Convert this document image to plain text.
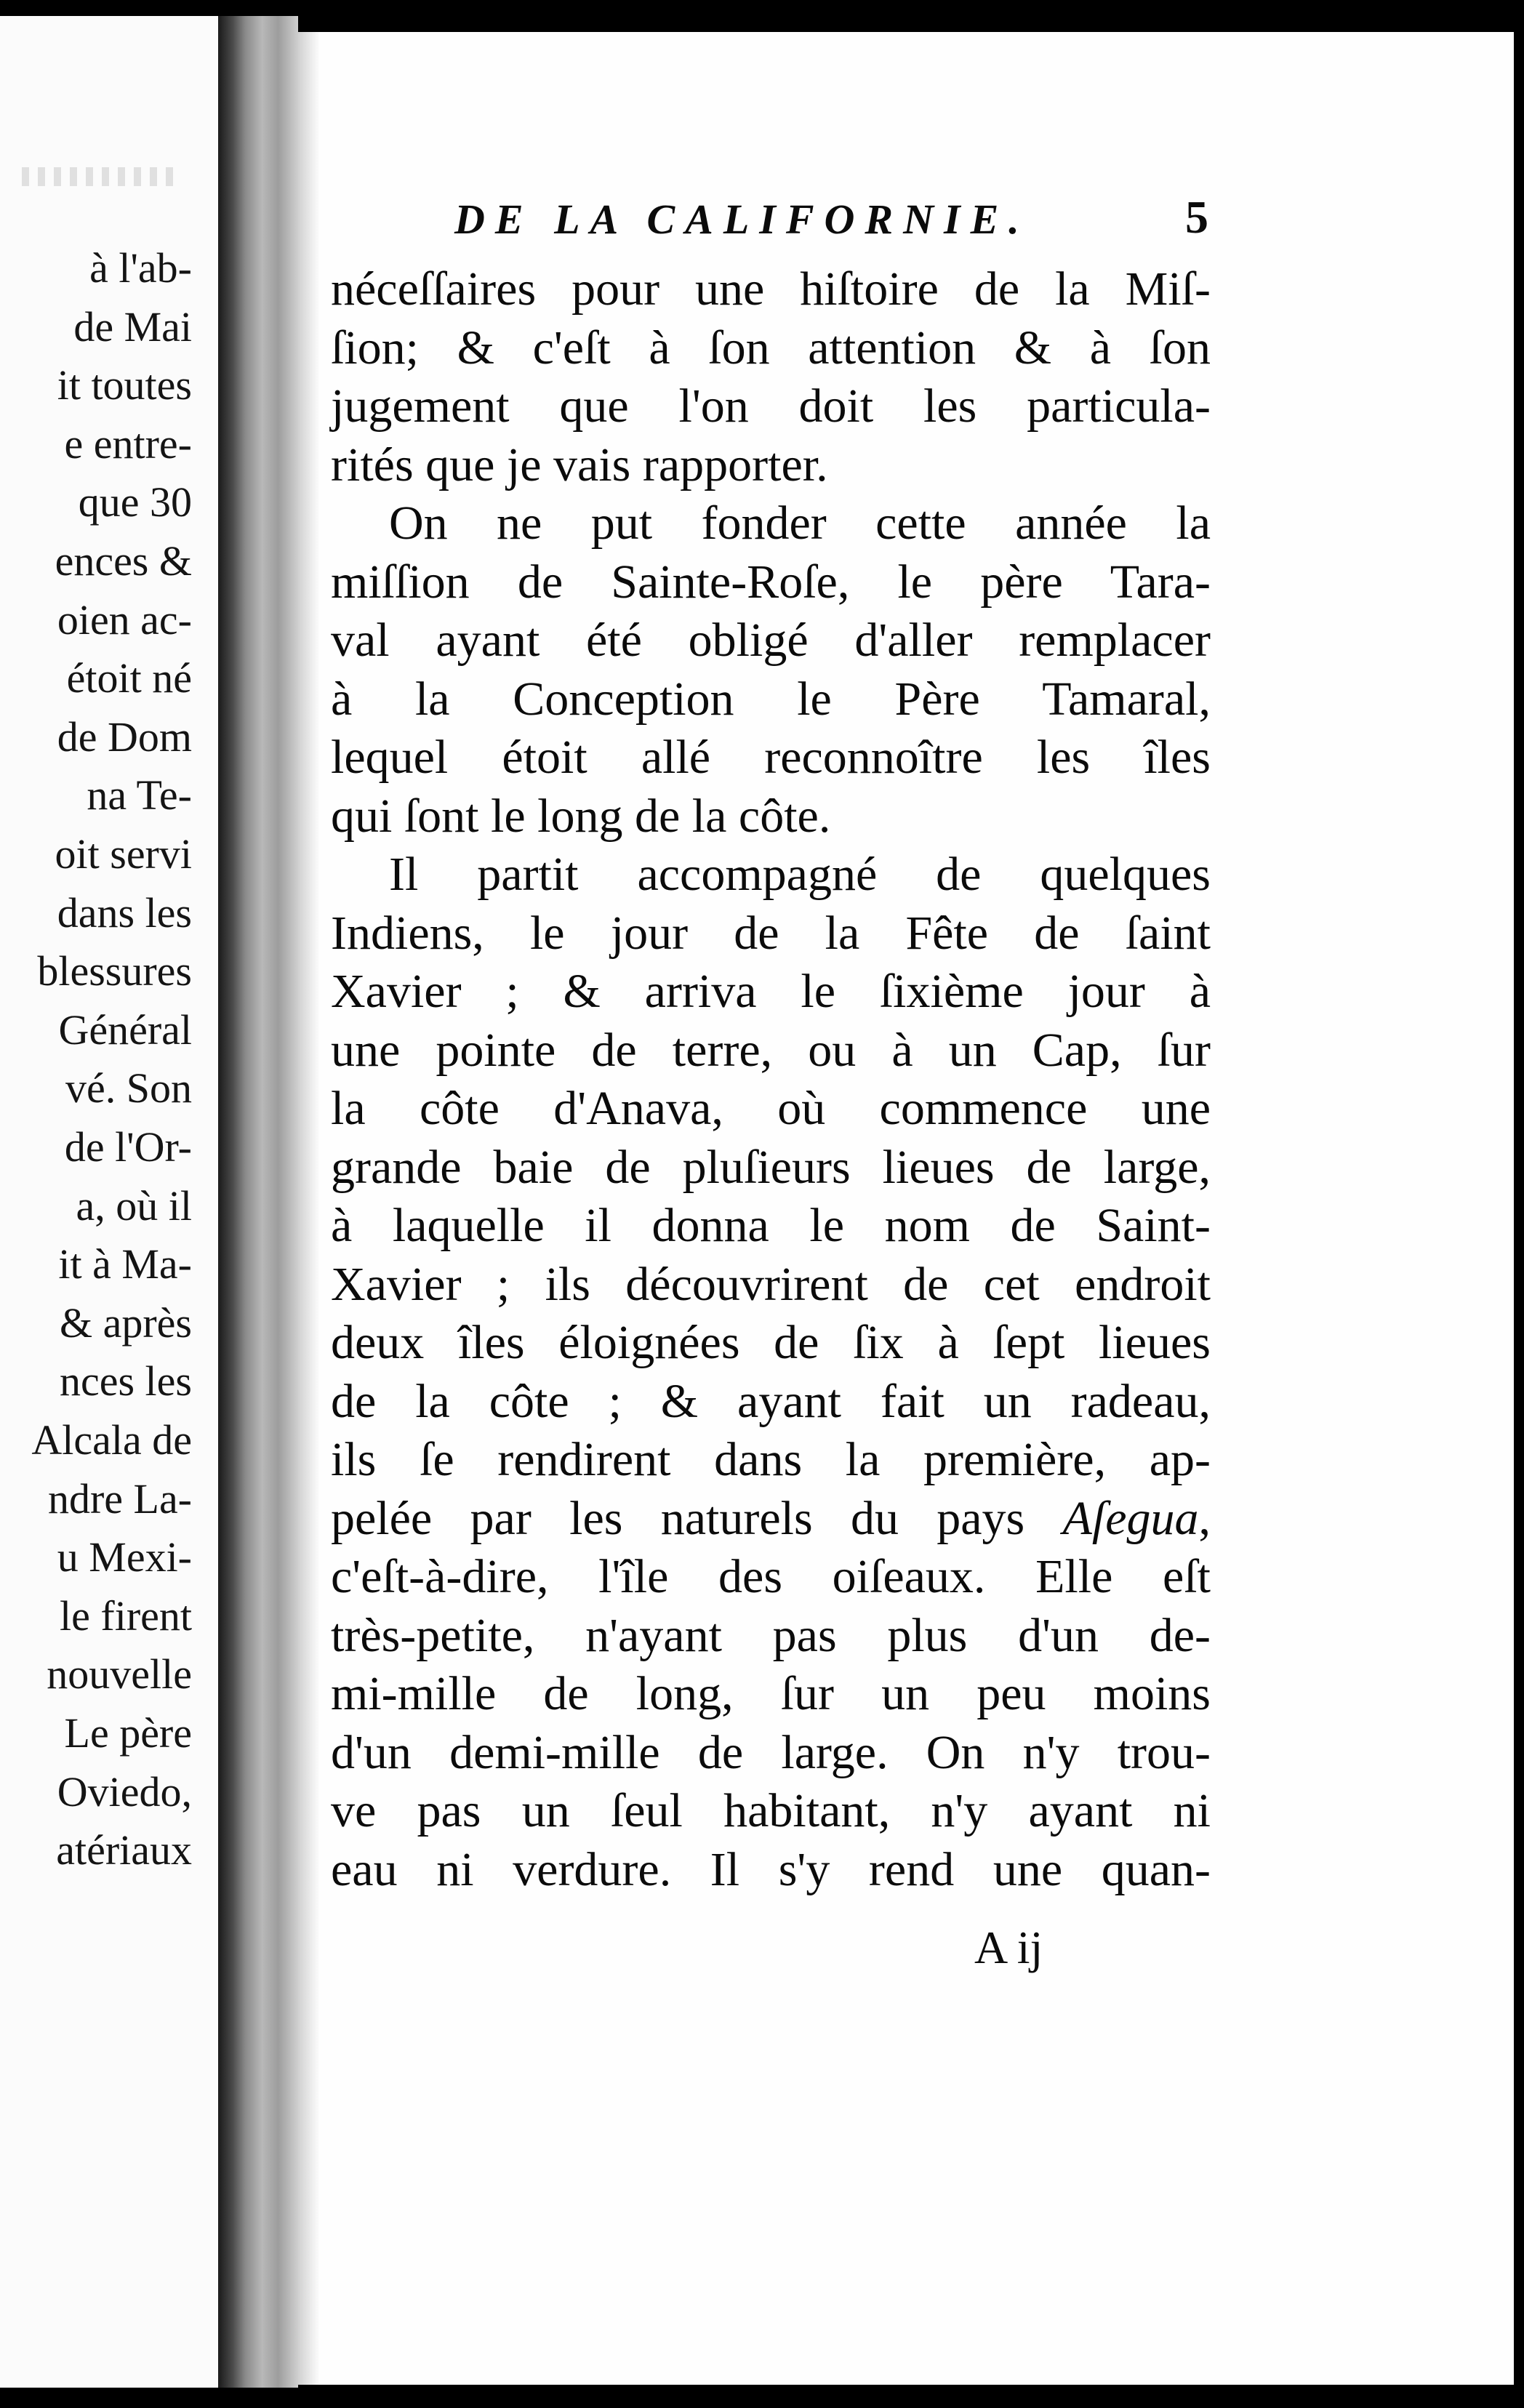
à l'ab-
de Mai
it toutes
e entre-
que 30
ences &
oien ac-
étoit né
de Dom
na Te-
oit servi
dans les
blessures
Général
vé. Son
de l'Or-
a, où il
it à Ma-
& après
nces les
Alcala de
ndre La-
u Mexi-
le firent
nouvelle
Le père
Oviedo,
atériaux
DE LA CALIFORNIE.	5
néceſſaires pour une hiſtoire de la Miſ-
ſion; & c'eſt à ſon attention & à ſon
jugement que l'on doit les particula-
rités que je vais rapporter.
On ne put fonder cette année la
miſſion de Sainte-Roſe, le père Tara-
val ayant été obligé d'aller remplacer
à la Conception le Père Tamaral,
lequel étoit allé reconnoître les îles
qui ſont le long de la côte.
Il partit accompagné de quelques
Indiens, le jour de la Fête de ſaint
Xavier ; & arriva le ſixième jour à
une pointe de terre, ou à un Cap, ſur
la côte d'Anava, où commence une
grande baie de pluſieurs lieues de large,
à laquelle il donna le nom de Saint-
Xavier ; ils découvrirent de cet endroit
deux îles éloignées de ſix à ſept lieues
de la côte ; & ayant fait un radeau,
ils ſe rendirent dans la première, ap-
pelée par les naturels du pays Aſegua,
c'eſt-à-dire, l'île des oiſeaux. Elle eſt
très-petite, n'ayant pas plus d'un de-
mi-mille de long, ſur un peu moins
d'un demi-mille de large. On n'y trou-
ve pas un ſeul habitant, n'y ayant ni
eau ni verdure. Il s'y rend une quan-
A ij
